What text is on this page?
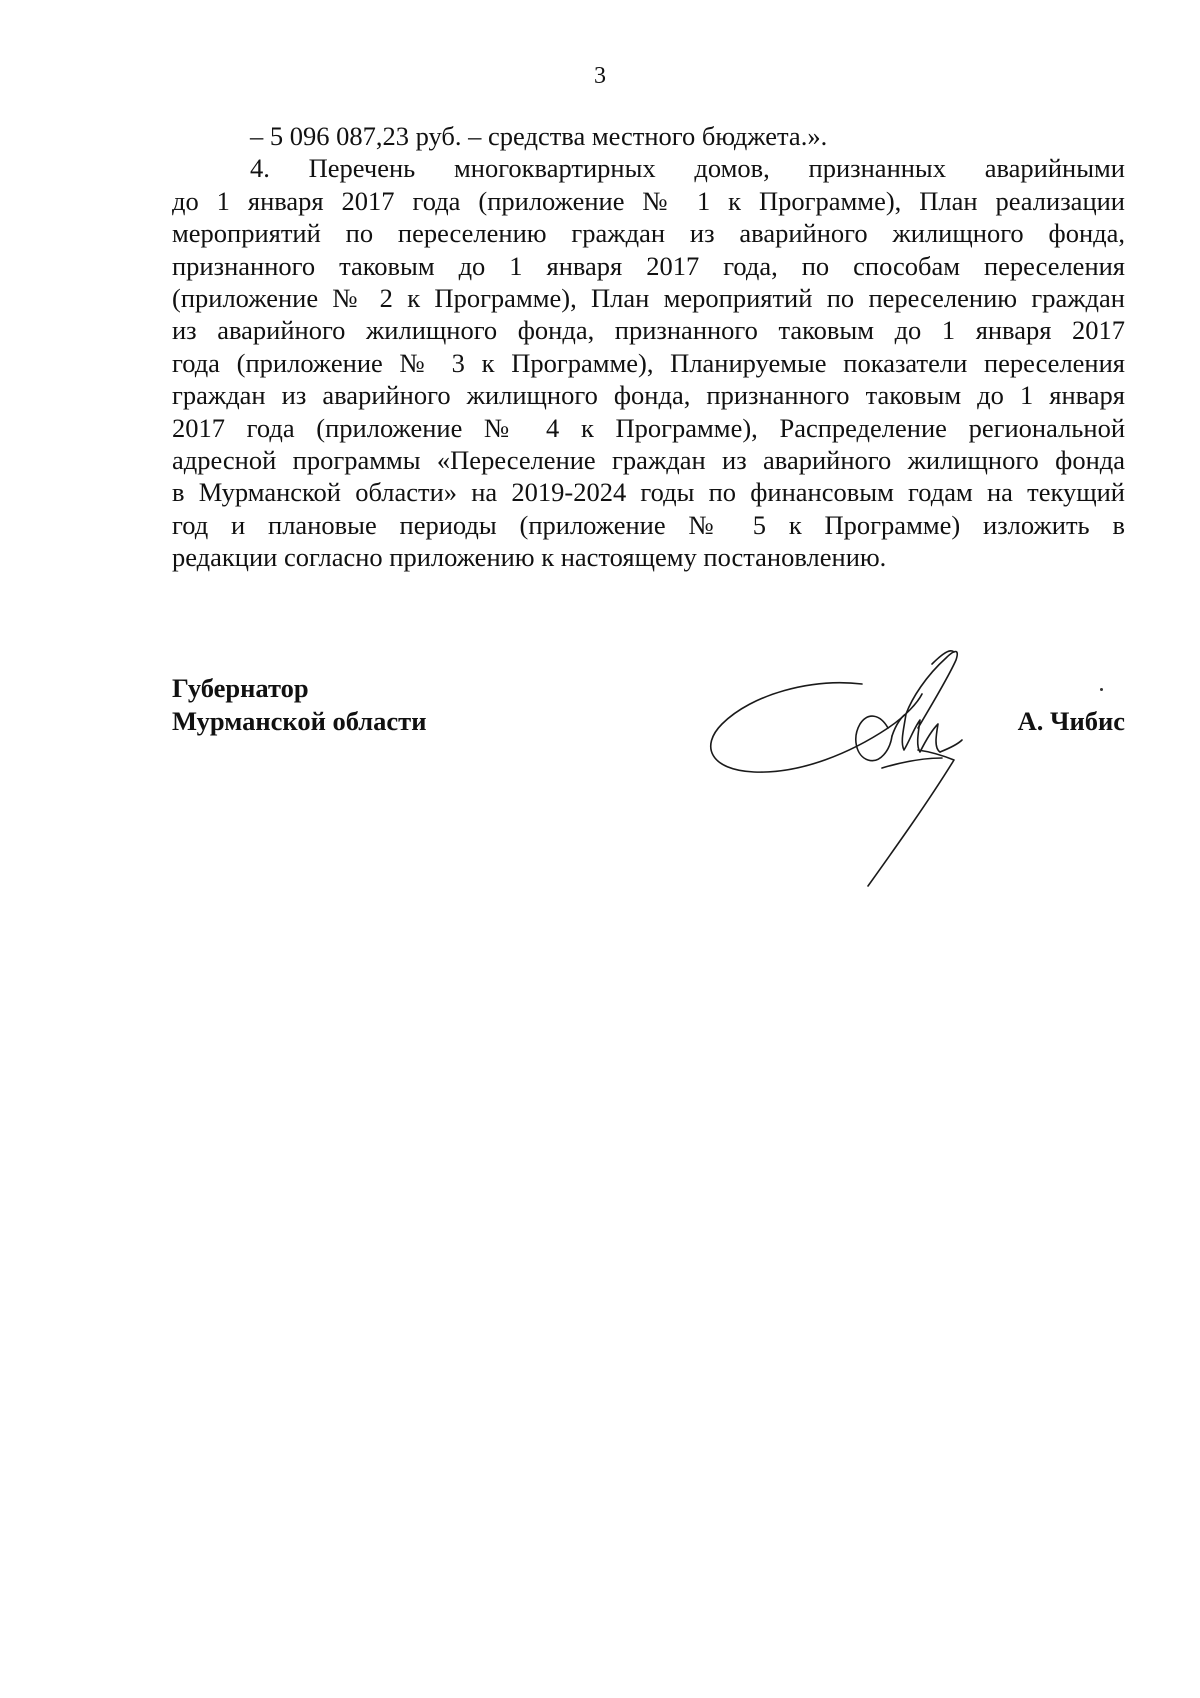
3

– 5 096 087,23 руб. – средства местного бюджета.».

4. Перечень многоквартирных домов, признанных аварийными
до 1 января 2017 года (приложение № 1 к Программе), План реализации
мероприятий по переселению граждан из аварийного жилищного фонда,
признанного таковым до 1 января 2017 года, по способам переселения
(приложение № 2 к Программе), План мероприятий по переселению граждан
из аварийного жилищного фонда, признанного таковым до 1 января 2017
года (приложение № 3 к Программе), Планируемые показатели переселения
граждан из аварийного жилищного фонда, признанного таковым до 1 января
2017 года (приложение № 4 к Программе), Распределение региональной
адресной программы «Переселение граждан из аварийного жилищного фонда
в Мурманской области» на 2019-2024 годы по финансовым годам на текущий
год и плановые периоды (приложение № 5 к Программе) изложить в
редакции согласно приложению к настоящему постановлению.
Губернатор
Мурманской области	А. Чибис
